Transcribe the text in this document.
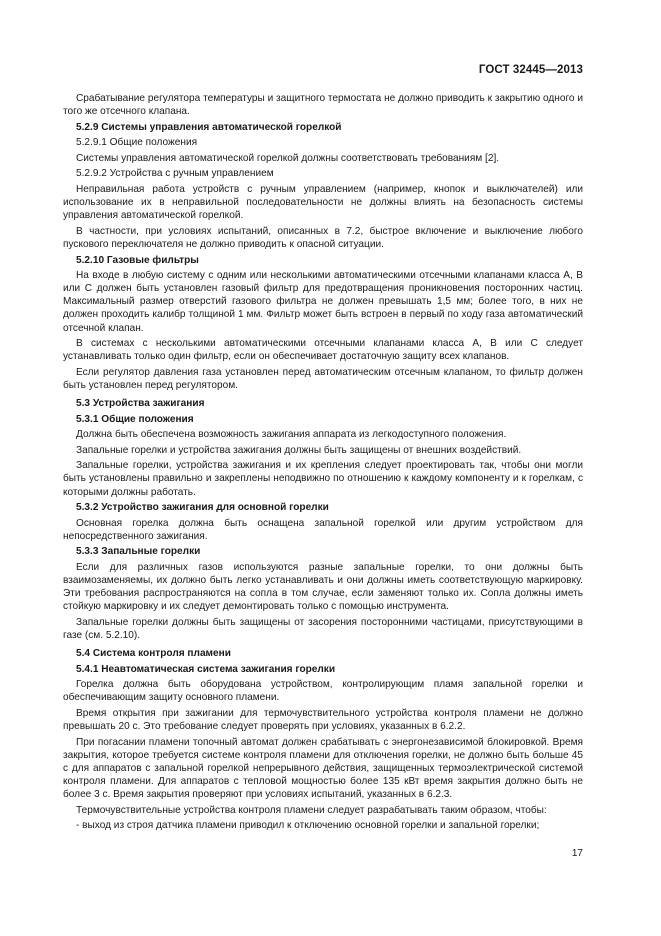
ГОСТ 32445—2013

Срабатывание регулятора температуры и защитного термостата не должно приводить к закрытию одного и того же отсечного клапана.

5.2.9 Системы управления автоматической горелкой

5.2.9.1 Общие положения

Системы управления автоматической горелкой должны соответствовать требованиям [2].

5.2.9.2 Устройства с ручным управлением

Неправильная работа устройств с ручным управлением (например, кнопок и выключателей) или использование их в неправильной последовательности не должны влиять на безопасность системы управления автоматической горелкой.

В частности, при условиях испытаний, описанных в 7.2, быстрое включение и выключение любого пускового переключателя не должно приводить к опасной ситуации.

5.2.10 Газовые фильтры

На входе в любую систему с одним или несколькими автоматическими отсечными клапанами класса А, В или С должен быть установлен газовый фильтр для предотвращения проникновения посторонних частиц. Максимальный размер отверстий газового фильтра не должен превышать 1,5 мм; более того, в них не должен проходить калибр толщиной 1 мм. Фильтр может быть встроен в первый по ходу газа автоматический отсечной клапан.

В системах с несколькими автоматическими отсечными клапанами класса А, В или С следует устанавливать только один фильтр, если он обеспечивает достаточную защиту всех клапанов.

Если регулятор давления газа установлен перед автоматическим отсечным клапаном, то фильтр должен быть установлен перед регулятором.

5.3 Устройства зажигания

5.3.1 Общие положения

Должна быть обеспечена возможность зажигания аппарата из легкодоступного положения.

Запальные горелки и устройства зажигания должны быть защищены от внешних воздействий.

Запальные горелки, устройства зажигания и их крепления следует проектировать так, чтобы они могли быть установлены правильно и закреплены неподвижно по отношению к каждому компоненту и к горелкам, с которыми должны работать.

5.3.2 Устройство зажигания для основной горелки

Основная горелка должна быть оснащена запальной горелкой или другим устройством для непосредственного зажигания.

5.3.3 Запальные горелки

Если для различных газов используются разные запальные горелки, то они должны быть взаимозаменяемы, их должно быть легко устанавливать и они должны иметь соответствующую маркировку. Эти требования распространяются на сопла в том случае, если заменяют только их. Сопла должны иметь стойкую маркировку и их следует демонтировать только с помощью инструмента.

Запальные горелки должны быть защищены от засорения посторонними частицами, присутствующими в газе (см. 5.2.10).

5.4 Система контроля пламени

5.4.1 Неавтоматическая система зажигания горелки

Горелка должна быть оборудована устройством, контролирующим пламя запальной горелки и обеспечивающим защиту основного пламени.

Время открытия при зажигании для термочувствительного устройства контроля пламени не должно превышать 20 с. Это требование следует проверять при условиях, указанных в 6.2.2.

При погасании пламени топочный автомат должен срабатывать с энергонезависимой блокировкой. Время закрытия, которое требуется системе контроля пламени для отключения горелки, не должно быть больше 45 с для аппаратов с запальной горелкой непрерывного действия, защищенных термоэлектрической системой контроля пламени. Для аппаратов с тепловой мощностью более 135 кВт время закрытия должно быть не более 3 с. Время закрытия проверяют при условиях испытаний, указанных в 6.2.3.

Термочувствительные устройства контроля пламени следует разрабатывать таким образом, чтобы:

- выход из строя датчика пламени приводил к отключению основной горелки и запальной горелки;

17
